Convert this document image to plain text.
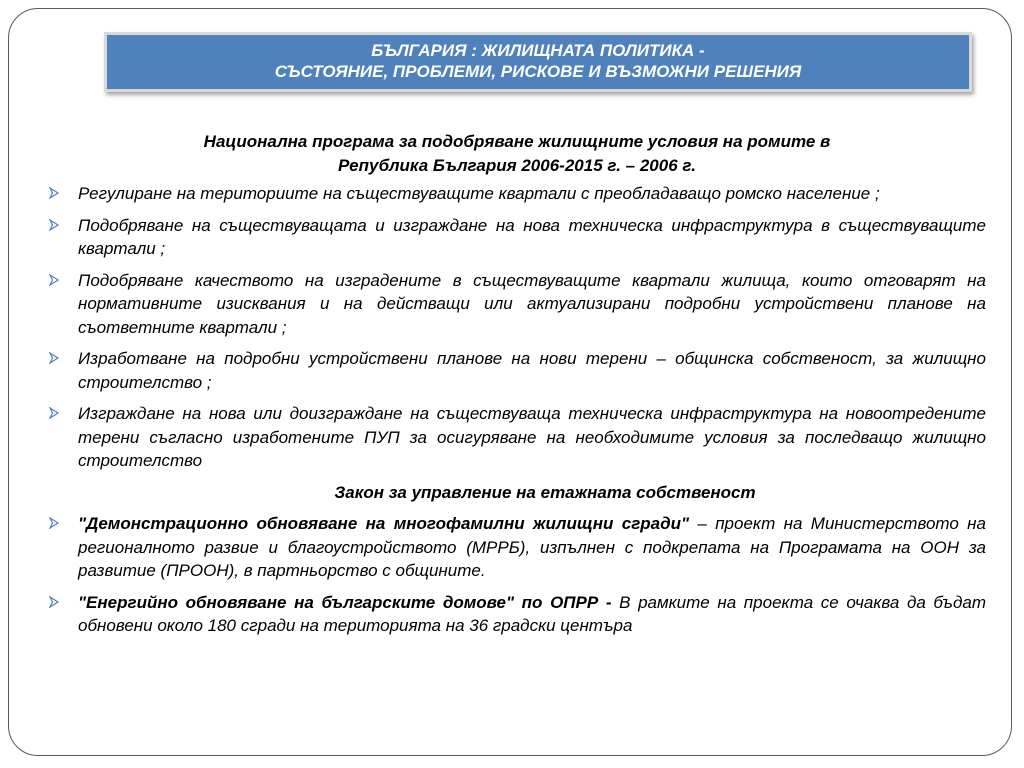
БЪЛГАРИЯ : ЖИЛИЩНАТА ПОЛИТИКА -
СЪСТОЯНИЕ, ПРОБЛЕМИ, РИСКОВЕ И ВЪЗМОЖНИ РЕШЕНИЯ
Национална програма за подобряване жилищните условия на ромите в
Република България 2006-2015 г. – 2006 г.
Регулиране на териториите на съществуващите квартали с преобладаващо ромско население ;
Подобряване на съществуващата и изграждане на нова техническа инфраструктура в съществуващите квартали ;
Подобряване качеството на изградените в съществуващите квартали жилища, които отговарят на нормативните изисквания и на действащи или актуализирани подробни устройствени планове на съответните квартали ;
Изработване на подробни устройствени планове на нови терени – общинска собственост, за жилищно строителство ;
Изграждане на нова или доизграждане на съществуваща техническа инфраструктура на новоотредените терени съгласно изработените ПУП за осигуряване на необходимите условия за последващо жилищно строителство
Закон за управление на етажната собственост
"Демонстрационно обновяване на многофамилни жилищни сгради" – проект на Министерството на регионалното развие и благоустройството (МРРБ), изпълнен с подкрепата на Програмата на ООН за развитие (ПРООН), в партньорство с общините.
"Енергийно обновяване на българските домове" по ОПРР - В рамките на проекта се очаква да бъдат обновени около 180 сгради на територията на 36 градски центъра
